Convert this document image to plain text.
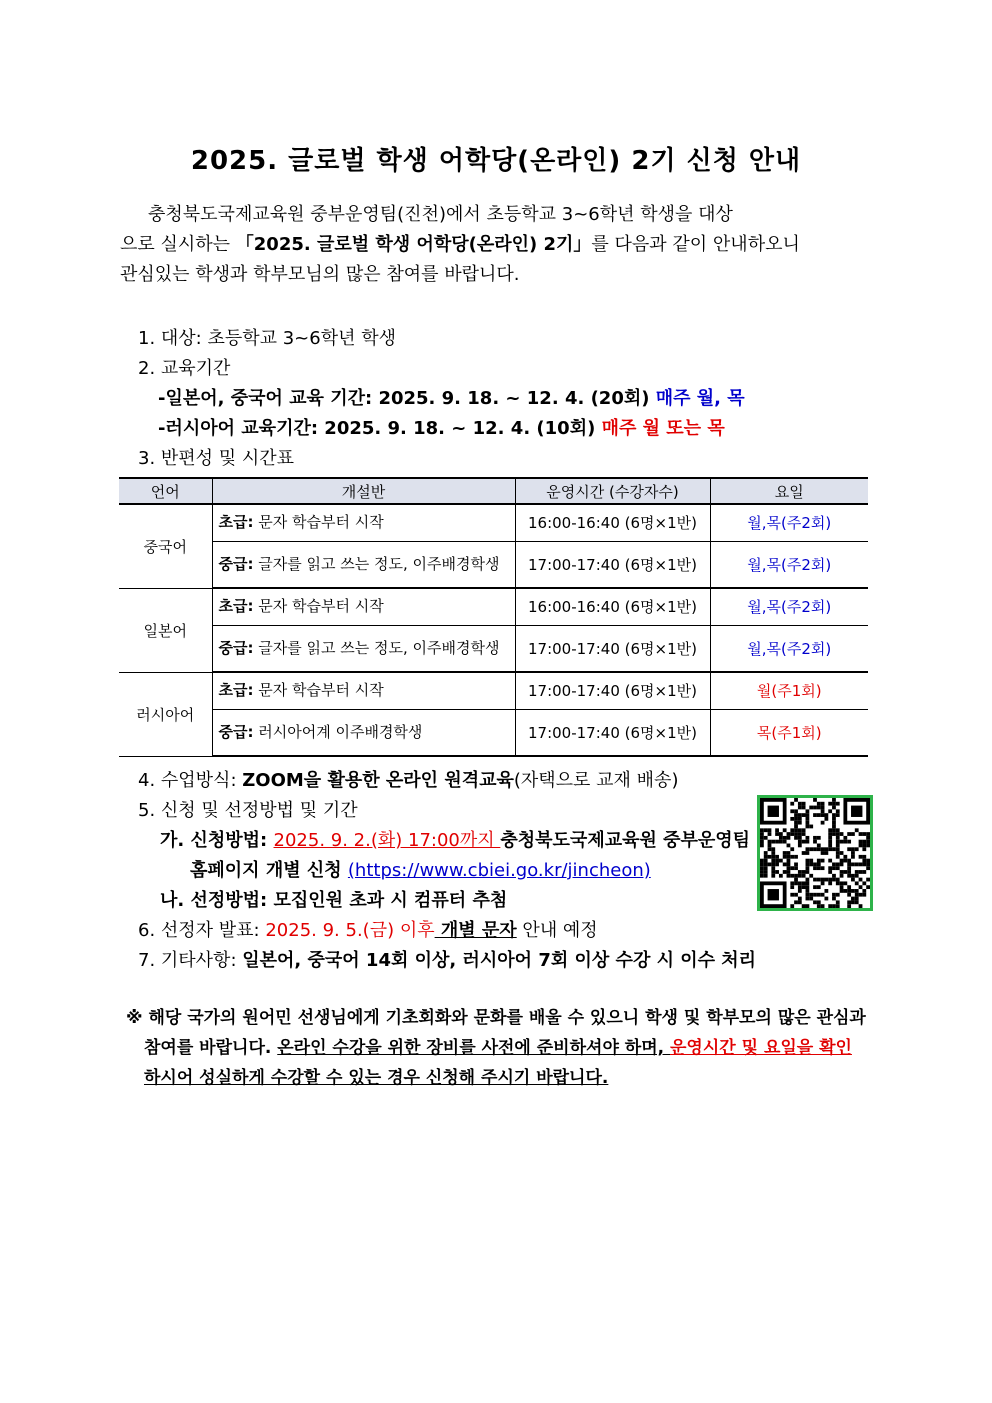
2025. 글로벌 학생 어학당(온라인) 2기 신청 안내
충청북도국제교육원 중부운영팀(진천)에서 초등학교 3~6학년 학생을 대상
으로 실시하는 「2025. 글로벌 학생 어학당(온라인) 2기」를 다음과 같이 안내하오니
관심있는 학생과 학부모님의 많은 참여를 바랍니다.
1. 대상: 초등학교 3~6학년 학생
2. 교육기간
-일본어, 중국어 교육 기간: 2025. 9. 18. ~ 12. 4. (20회) 매주 월, 목
-러시아어 교육기간: 2025. 9. 18. ~ 12. 4. (10회) 매주 월 또는 목
3. 반편성 및 시간표
언어	개설반	운영시간 (수강자수)	요일
중국어	초급: 문자 학습부터 시작	16:00-16:40 (6명×1반)	월,목(주2회)
	중급: 글자를 읽고 쓰는 정도, 이주배경학생	17:00-17:40 (6명×1반)	월,목(주2회)
일본어	초급: 문자 학습부터 시작	16:00-16:40 (6명×1반)	월,목(주2회)
	중급: 글자를 읽고 쓰는 정도, 이주배경학생	17:00-17:40 (6명×1반)	월,목(주2회)
러시아어	초급: 문자 학습부터 시작	17:00-17:40 (6명×1반)	월(주1회)
	중급: 러시아어계 이주배경학생	17:00-17:40 (6명×1반)	목(주1회)
4. 수업방식: ZOOM을 활용한 온라인 원격교육(자택으로 교재 배송)
5. 신청 및 선정방법 및 기간
가. 신청방법: 2025. 9. 2.(화) 17:00까지 충청북도국제교육원 중부운영팀
홈페이지 개별 신청 (https://www.cbiei.go.kr/jincheon)
나. 선정방법: 모집인원 초과 시 컴퓨터 추첨
6. 선정자 발표: 2025. 9. 5.(금) 이후 개별 문자 안내 예정
7. 기타사항: 일본어, 중국어 14회 이상, 러시아어 7회 이상 수강 시 이수 처리
※ 해당 국가의 원어민 선생님에게 기초회화와 문화를 배울 수 있으니 학생 및 학부모의 많은 관심과
참여를 바랍니다. 온라인 수강을 위한 장비를 사전에 준비하셔야 하며, 운영시간 및 요일을 확인
하시어 성실하게 수강할 수 있는 경우 신청해 주시기 바랍니다.
